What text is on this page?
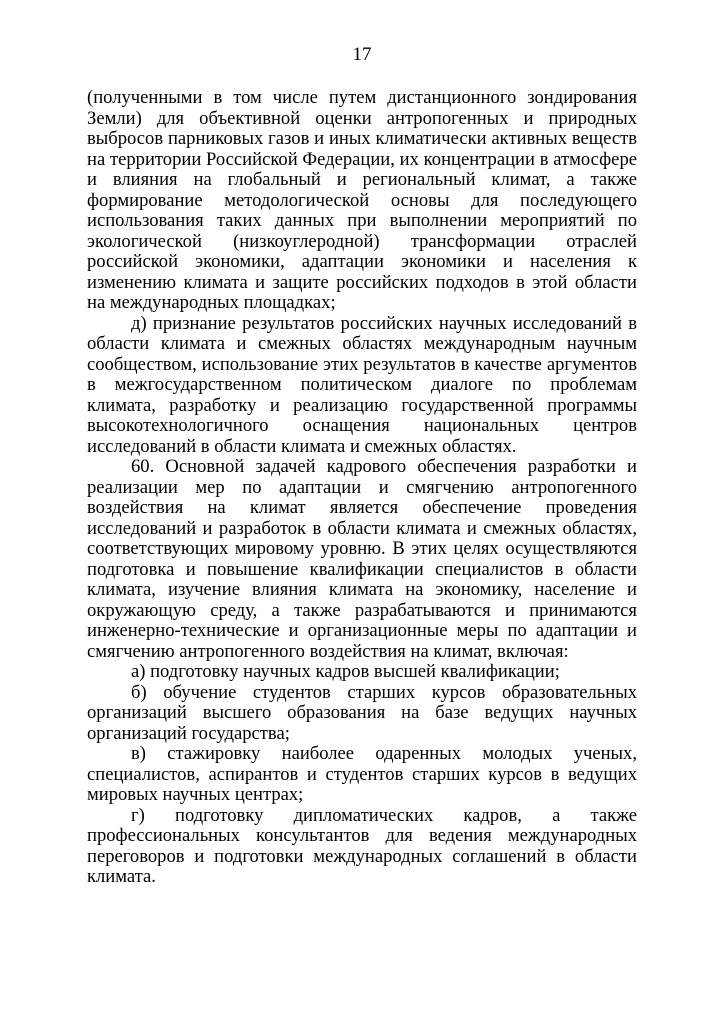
17

(полученными в том числе путем дистанционного зондирования Земли) для объективной оценки антропогенных и природных выбросов парниковых газов и иных климатически активных веществ на территории Российской Федерации, их концентрации в атмосфере и влияния на глобальный и региональный климат, а также формирование методологической основы для последующего использования таких данных при выполнении мероприятий по экологической (низкоуглеродной) трансформации отраслей российской экономики, адаптации экономики и населения к изменению климата и защите российских подходов в этой области на международных площадках;

д) признание результатов российских научных исследований в области климата и смежных областях международным научным сообществом, использование этих результатов в качестве аргументов в межгосударственном политическом диалоге по проблемам климата, разработку и реализацию государственной программы высокотехнологичного оснащения национальных центров исследований в области климата и смежных областях.

60. Основной задачей кадрового обеспечения разработки и реализации мер по адаптации и смягчению антропогенного воздействия на климат является обеспечение проведения исследований и разработок в области климата и смежных областях, соответствующих мировому уровню. В этих целях осуществляются подготовка и повышение квалификации специалистов в области климата, изучение влияния климата на экономику, население и окружающую среду, а также разрабатываются и принимаются инженерно-технические и организационные меры по адаптации и смягчению антропогенного воздействия на климат, включая:

а) подготовку научных кадров высшей квалификации;

б) обучение студентов старших курсов образовательных организаций высшего образования на базе ведущих научных организаций государства;

в) стажировку наиболее одаренных молодых ученых, специалистов, аспирантов и студентов старших курсов в ведущих мировых научных центрах;

г) подготовку дипломатических кадров, а также профессиональных консультантов для ведения международных переговоров и подготовки международных соглашений в области климата.
